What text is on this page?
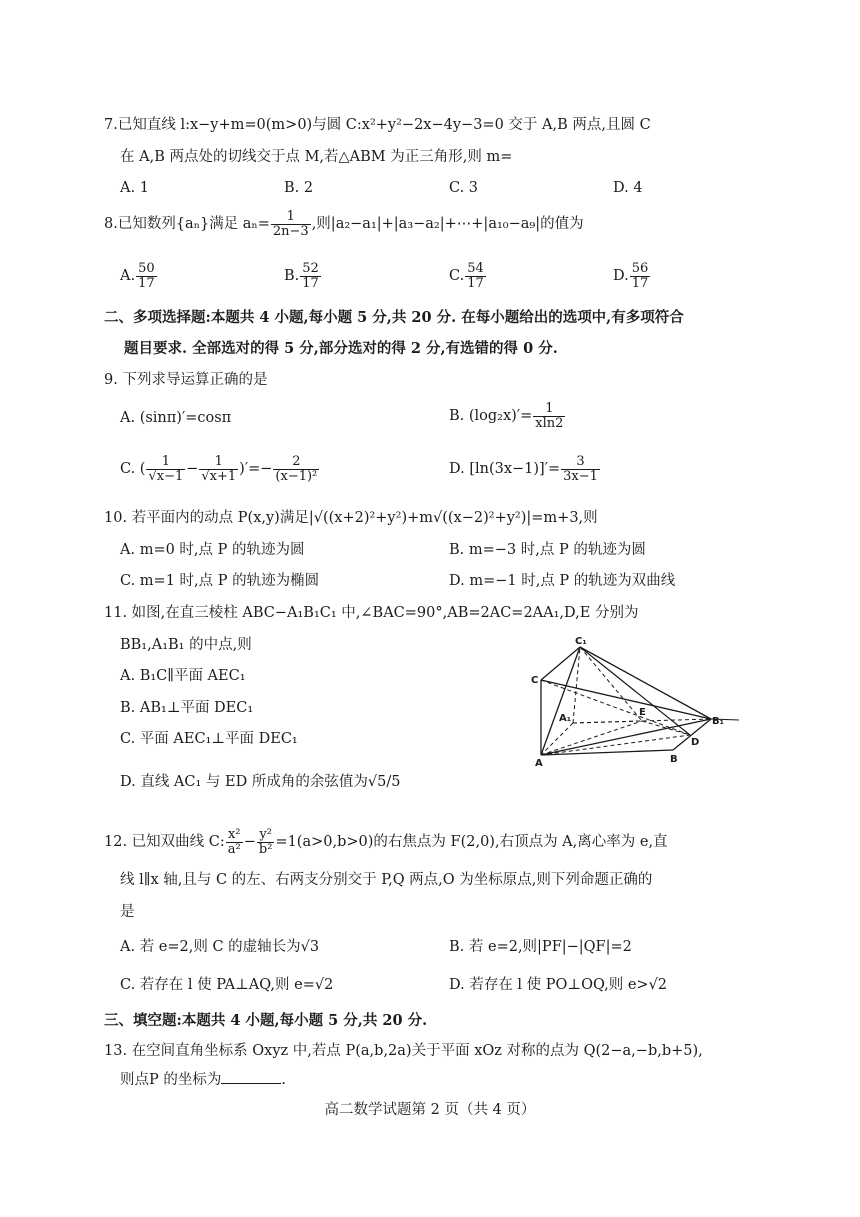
7.已知直线 l:x−y+m=0(m>0)与圆 C:x²+y²−2x−4y−3=0 交于 A,B 两点,且圆 C
在 A,B 两点处的切线交于点 M,若△ABM 为正三角形,则 m=
A. 1	B. 2	C. 3	D. 4
8.已知数列{aₙ}满足 $a_n= \frac{1}{2n-3}$ ,则|a₂−a₁|+|a₃−a₂|+⋯+|a₁₀−a₉|的值为
A. $\frac{50}{17}$	B. $\frac{52}{17}$	C. $\frac{54}{17}$	D. $\frac{56}{17}$
二、多项选择题:本题共 4 小题,每小题 5 分,共 20 分. 在每小题给出的选项中,有多项符合
题目要求. 全部选对的得 5 分,部分选对的得 2 分,有选错的得 0 分.
9. 下列求导运算正确的是
A. (sinπ)′=cosπ	B. $(\log_2x)'= \frac{1}{xln2}$
C. ( $\frac{1}{√x-1} - \frac{1}{√x+1}$ )′=− $\frac{2}{\text{(x−1)²}}$	D. $[\ln(3x-1)]'= \frac{3}{3x-1}$
10. 若平面内的动点 P(x,y)满足|√((x+2)²+y²)+m√((x−2)²+y²)|=m+3,则
A. m=0 时,点 P 的轨迹为圆	B. m=−3 时,点 P 的轨迹为圆
C. m=1 时,点 P 的轨迹为椭圆	D. m=−1 时,点 P 的轨迹为双曲线
11. 如图,在直三棱柱 ABC−A₁B₁C₁ 中,∠BAC=90°,AB=2AC=2AA₁,D,E 分别为
BB₁,A₁B₁ 的中点,则
A. B₁C∥平面 AEC₁
B. AB₁⊥平面 DEC₁
C. 平面 AEC₁⊥平面 DEC₁
D. 直线 AC₁ 与 ED 所成角的余弦值为√5/5
C₁
C
A₁
E
B₁
D
A	B
12. 已知双曲线 C: $\frac{\text{x²}}{\text{a²}} - \frac{\text{y²}}{\text{b²}} =1(a>0,b>0)$的右焦点为 F(2,0),右顶点为 A,离心率为 e,直
线 l∥x 轴,且与 C 的左、右两支分别交于 P,Q 两点,O 为坐标原点,则下列命题正确的
是
A. 若 e=2,则 C 的虚轴长为√3	B. 若 e=2,则|PF|−|QF|=2
C. 若存在 l 使 PA⊥AQ,则 e=√2	D. 若存在 l 使 PO⊥OQ,则 e>√2
三、填空题:本题共 4 小题,每小题 5 分,共 20 分.
13. 在空间直角坐标系 Oxyz 中,若点 P(a,b,2a)关于平面 xOz 对称的点为 Q(2−a,−b,b+5),
则点P 的坐标为	.
高二数学试题第 2 页（共 4 页）
